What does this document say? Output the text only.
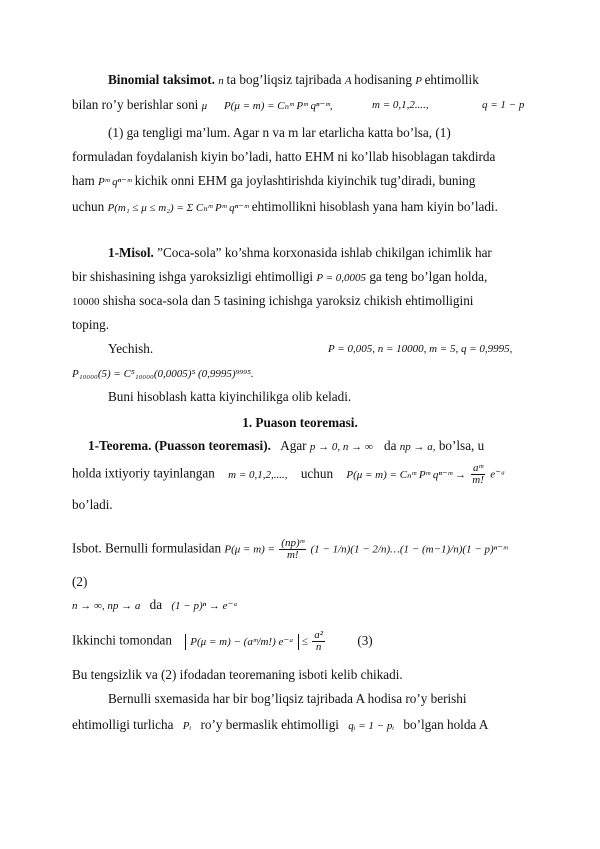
Binomial taksimot. n ta bog’liqsiz tajribada A hodisaning P ehtimollik
bilan ro’y berishlar soni μ P(μ = m) = Cₙᵐ Pᵐ qⁿ⁻ᵐ,	m = 0,1,2....,	q = 1 − p
(1) ga tengligi ma’lum. Agar n va m lar etarlicha katta bo’lsa, (1)
formuladan foydalanish kiyin bo’ladi, hatto EHM ni ko’llab hisoblagan takdirda
ham Pᵐ qⁿ⁻ᵐ kichik onni EHM ga joylashtirishda kiyinchik tug’diradi, buning
uchun P(m₁ ≤ μ ≤ m₂) = Σ Cₙᵐ Pᵐ qⁿ⁻ᵐ ehtimollikni hisoblash yana ham kiyin bo’ladi.
1-Misol. ”Coca-sola” ko’shma korxonasida ishlab chikilgan ichimlik har
bir shishasining ishga yaroksizligi ehtimolligi P = 0,0005 ga teng bo’lgan holda,
10000 shisha soca-sola dan 5 tasining ichishga yaroksiz chikish ehtimolligini
toping.
Yechish.	P = 0,005, n = 10000, m = 5, q = 0,9995,
P₁₀₀₀₀(5) = C⁵₁₀₀₀₀(0,0005)⁵ (0,9995)⁹⁹⁹⁵.
Buni hisoblash katta kiyinchilikga olib keladi.
1. Puason teoremasi.
1-Teorema. (Puasson teoremasi). Agar p → 0, n → ∞ da np → a, bo’lsa, u
holda ixtiyoriy tayinlangan m = 0,1,2,...., uchun P(μ = m) = Cₙᵐ Pᵐ qⁿ⁻ᵐ → $\frac{\text{aᵐ}}{m!}$ e⁻ᵃ
bo’ladi.
Isbot. Bernulli formulasidan $P(\mu = m) = \frac{\text{(np)ᵐ}}{m!} (1 - 1/n)(1$ − 2/n)…(1 − (m−1)/n)(1 − p)ⁿ⁻ᵐ
(2)
n → ∞, np → a da (1 − p)ⁿ → e⁻ᵃ
Ikkinchi tomondan P(μ = m) − (aᵐ/m!) e⁻ᵃ ≤ $\frac{\text{a²}}{n} (3)$
Bu tengsizlik va (2) ifodadan teoremaning isboti kelib chikadi.
Bernulli sxemasida har bir bog’liqsiz tajribada A hodisa ro’y berishi
ehtimolligi turlicha Pᵢ ro’y bermaslik ehtimolligi qᵢ = 1 − pᵢ bo’lgan holda A
